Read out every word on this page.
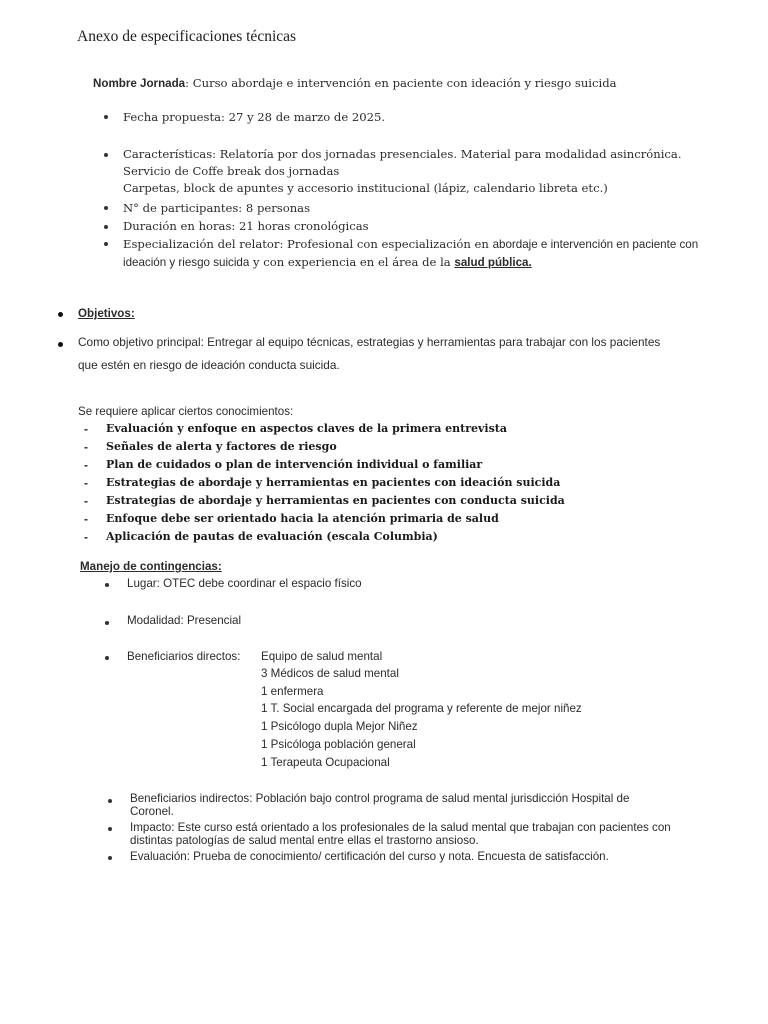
Anexo de especificaciones técnicas
Nombre Jornada: Curso abordaje e intervención en paciente con ideación y riesgo suicida
Fecha propuesta: 27 y 28 de marzo de 2025.
Características: Relatoría por dos jornadas presenciales. Material para modalidad asincrónica.
Servicio de Coffe break dos jornadas
Carpetas, block de apuntes y accesorio institucional (lápiz, calendario libreta etc.)
N° de participantes: 8 personas
Duración en horas: 21 horas cronológicas
Especialización del relator: Profesional con especialización en abordaje e intervención en paciente con
ideación y riesgo suicida y con experiencia en el área de la salud pública.
Objetivos:
Como objetivo principal: Entregar al equipo técnicas, estrategias y herramientas para trabajar con los pacientes
que estén en riesgo de ideación conducta suicida.
Se requiere aplicar ciertos conocimientos:
- Evaluación y enfoque en aspectos claves de la primera entrevista
- Señales de alerta y factores de riesgo
- Plan de cuidados o plan de intervención individual o familiar
- Estrategias de abordaje y herramientas en pacientes con ideación suicida
- Estrategias de abordaje y herramientas en pacientes con conducta suicida
- Enfoque debe ser orientado hacia la atención primaria de salud
- Aplicación de pautas de evaluación (escala Columbia)
Manejo de contingencias:
Lugar: OTEC debe coordinar el espacio físico
Modalidad: Presencial
Beneficiarios directos: Equipo de salud mental
3 Médicos de salud mental
1 enfermera
1 T. Social encargada del programa y referente de mejor niñez
1 Psicólogo dupla Mejor Niñez
1 Psicóloga población general
1 Terapeuta Ocupacional
Beneficiarios indirectos: Población bajo control programa de salud mental jurisdicción Hospital de
Coronel.
Impacto: Este curso está orientado a los profesionales de la salud mental que trabajan con pacientes con
distintas patologías de salud mental entre ellas el trastorno ansioso.
Evaluación: Prueba de conocimiento/ certificación del curso y nota. Encuesta de satisfacción.
